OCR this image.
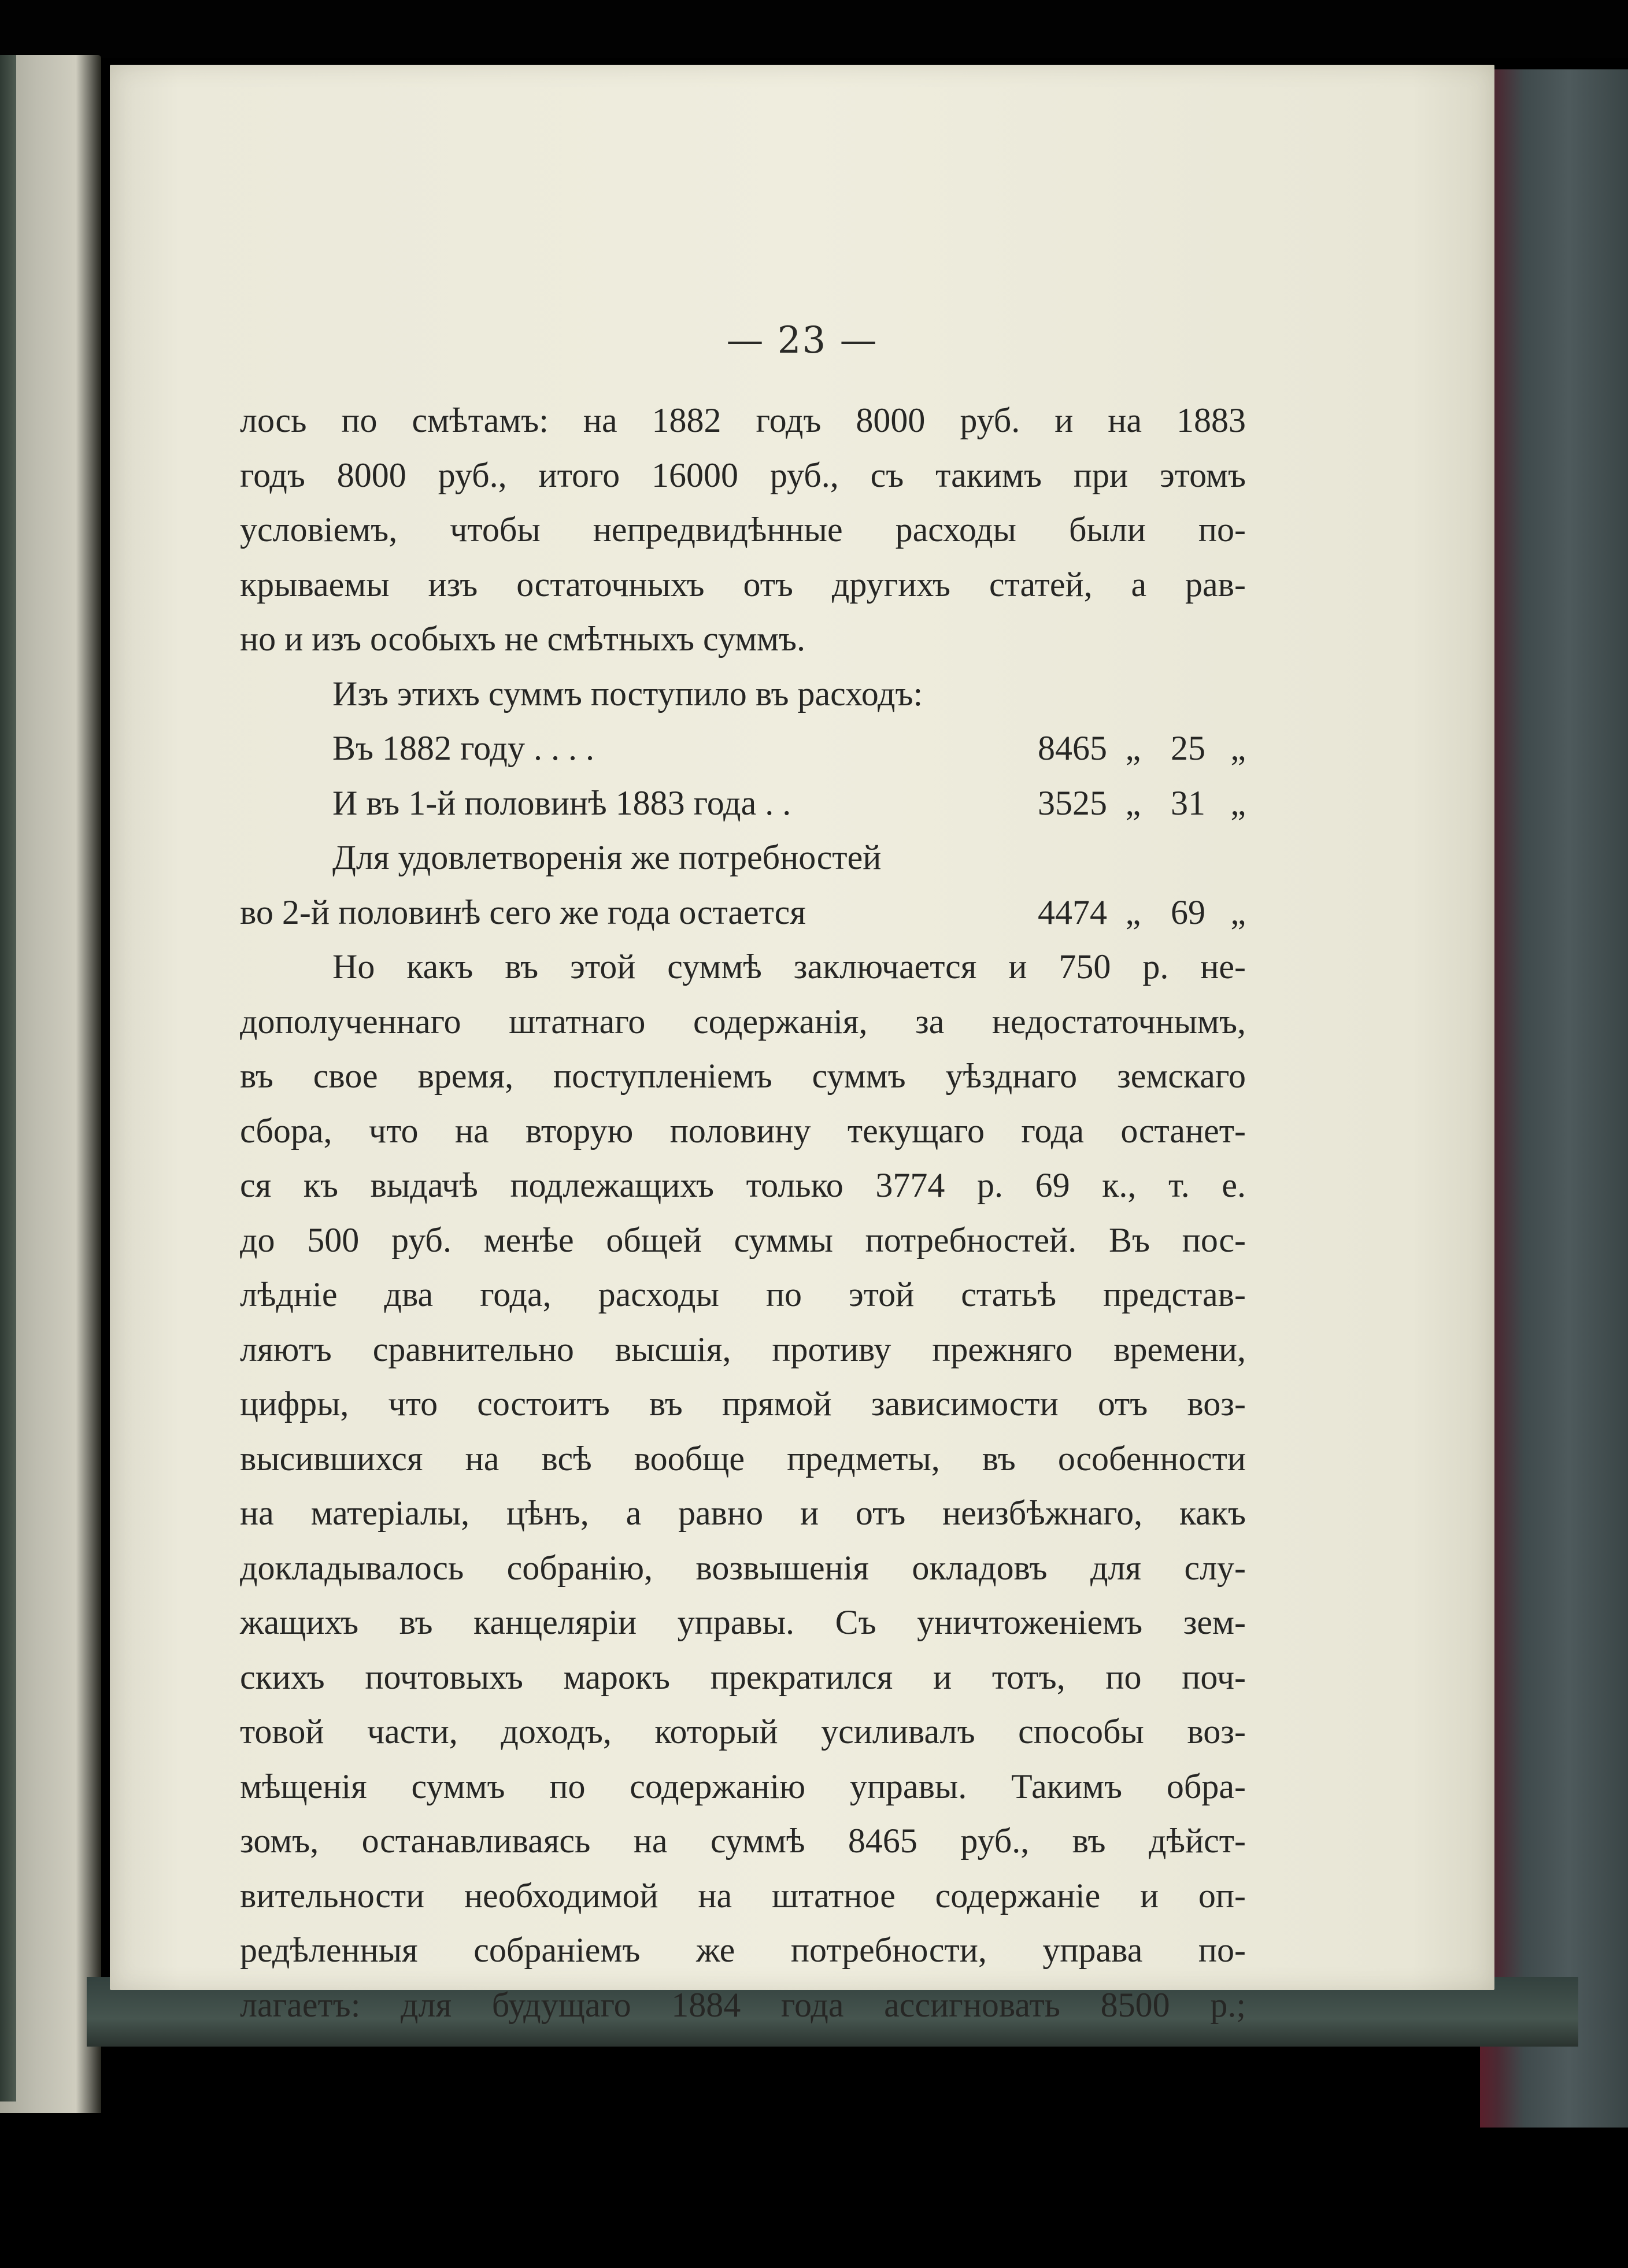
— 23 —
лось по смѣтамъ: на 1882 годъ 8000 руб. и на 1883
годъ 8000 руб., итого 16000 руб., съ такимъ при этомъ
условіемъ, чтобы непредвидѣнные расходы были по-
крываемы изъ остаточныхъ отъ другихъ статей, а рав-
но и изъ особыхъ не смѣтныхъ суммъ.
Изъ этихъ суммъ поступило въ расходъ:
Въ 1882 году . . . .	8465 „ 25 „
И въ 1-й половинѣ 1883 года . .	3525 „ 31 „
Для удовлетворенія же потребностей
во 2-й половинѣ сего же года остается	4474 „ 69 „
Но какъ въ этой суммѣ заключается и 750 р. не-
дополученнаго штатнаго содержанія, за недостаточнымъ,
въ свое время, поступленіемъ суммъ уѣзднаго земскаго
сбора, что на вторую половину текущаго года останет-
ся къ выдачѣ подлежащихъ только 3774 р. 69 к., т. е.
до 500 руб. менѣе общей суммы потребностей. Въ пос-
лѣдніе два года, расходы по этой статьѣ представ-
ляютъ сравнительно высшія, противу прежняго времени,
цифры, что состоитъ въ прямой зависимости отъ воз-
высившихся на всѣ вообще предметы, въ особенности
на матеріалы, цѣнъ, а равно и отъ неизбѣжнаго, какъ
докладывалось собранію, возвышенія окладовъ для слу-
жащихъ въ канцеляріи управы. Съ уничтоженіемъ зем-
скихъ почтовыхъ марокъ прекратился и тотъ, по поч-
товой части, доходъ, который усиливалъ способы воз-
мѣщенія суммъ по содержанію управы. Такимъ обра-
зомъ, останавливаясь на суммѣ 8465 руб., въ дѣйст-
вительности необходимой на штатное содержаніе и оп-
редѣленныя собраніемъ же потребности, управа по-
лагаетъ: для будущаго 1884 года ассигновать 8500 р.;
